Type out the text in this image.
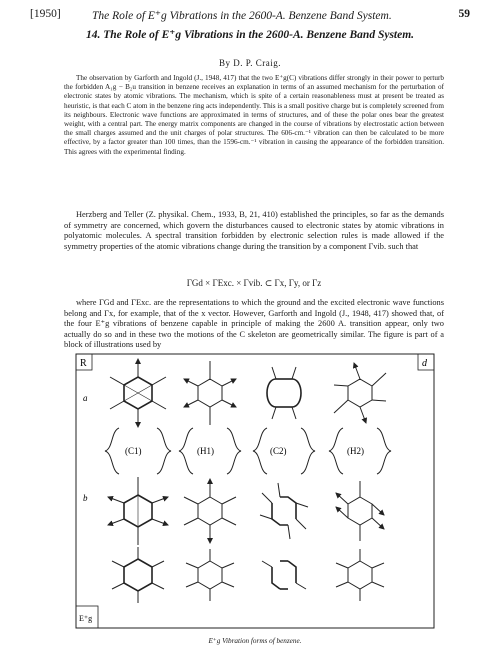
[1950]	The Role of E⁺g Vibrations in the 2600-A. Benzene Band System.	59
14. The Role of E⁺g Vibrations in the 2600-A. Benzene Band System.
By D. P. Craig.

The observation by Garforth and Ingold (J., 1948, 417) that the two E⁺g(C) vibrations differ strongly in their power to perturb the forbidden A₁g − B₂u transition in benzene receives an explanation in terms of an assumed mechanism for the perturbation of electronic states by atomic vibrations. The mechanism, which is spite of a certain reasonableness must at present be treated as heuristic, is that each C atom in the benzene ring acts independently. This is a small positive charge but is completely screened from its neighbours. Electronic wave functions are approximated in terms of structures, and of these the polar ones bear the greatest weight, with a central part. The energy matrix components are changed in the course of vibrations by electrostatic action between the small charges assumed and the unit charges of polar structures. The 606-cm.⁻¹ vibration can then be calculated to be more effective, by a factor greater than 100 times, than the 1596-cm.⁻¹ vibration in causing the appearance of the forbidden transition. This agrees with the experimental finding.

Herzberg and Teller (Z. physikal. Chem., 1933, B, 21, 410) established the principles, so far as the demands of symmetry are concerned, which govern the disturbances caused to electronic states by atomic vibrations in polyatomic molecules. A spectral transition forbidden by electronic selection rules is made allowed if the symmetry properties of the atomic vibrations change during the transition by a component Γvib. such that

ΓGd × ΓExc. × Γvib. ⊂ Γx, Γy, or Γz

where ΓGd and ΓExc. are the representations to which the ground and the excited electronic wave functions belong and Γx, for example, that of the x vector. However, Garforth and Ingold (J., 1948, 417) showed that, of the four E⁺g vibrations of benzene capable in principle of making the 2600 A. transition appear, only two actually do so and in these two the motions of the C skeleton are geometrically similar. The figure is part of a block of illustrations used by

R	d
E⁺g
a
b
(C1)	(H1)	(C2)	(H2)
E⁺g Vibration forms of benzene.
